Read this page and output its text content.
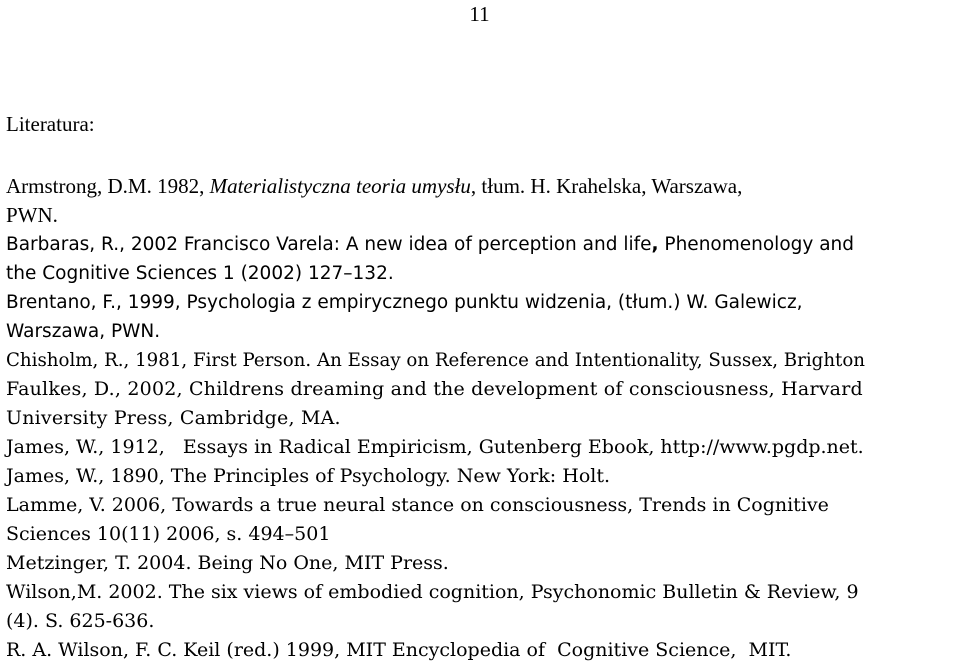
11
Literatura:
Armstrong, D.M. 1982, Materialistyczna teoria umysłu, tłum. H. Krahelska, Warszawa,
PWN.
Barbaras, R., 2002 Francisco Varela: A new idea of perception and life, Phenomenology and
the Cognitive Sciences 1 (2002) 127–132.
Brentano, F., 1999, Psychologia z empirycznego punktu widzenia, (tłum.) W. Galewicz,
Warszawa, PWN.
Chisholm, R., 1981, First Person. An Essay on Reference and Intentionality, Sussex, Brighton
Faulkes, D., 2002, Childrens dreaming and the development of consciousness, Harvard
University Press, Cambridge, MA.
James, W., 1912,   Essays in Radical Empiricism, Gutenberg Ebook, http://www.pgdp.net.
James, W., 1890, The Principles of Psychology. New York: Holt.
Lamme, V. 2006, Towards a true neural stance on consciousness, Trends in Cognitive
Sciences 10(11) 2006, s. 494–501
Metzinger, T. 2004. Being No One, MIT Press.
Wilson,M. 2002. The six views of embodied cognition, Psychonomic Bulletin & Review, 9
(4). S. 625-636.
R. A. Wilson, F. C. Keil (red.) 1999, MIT Encyclopedia of  Cognitive Science,  MIT.
